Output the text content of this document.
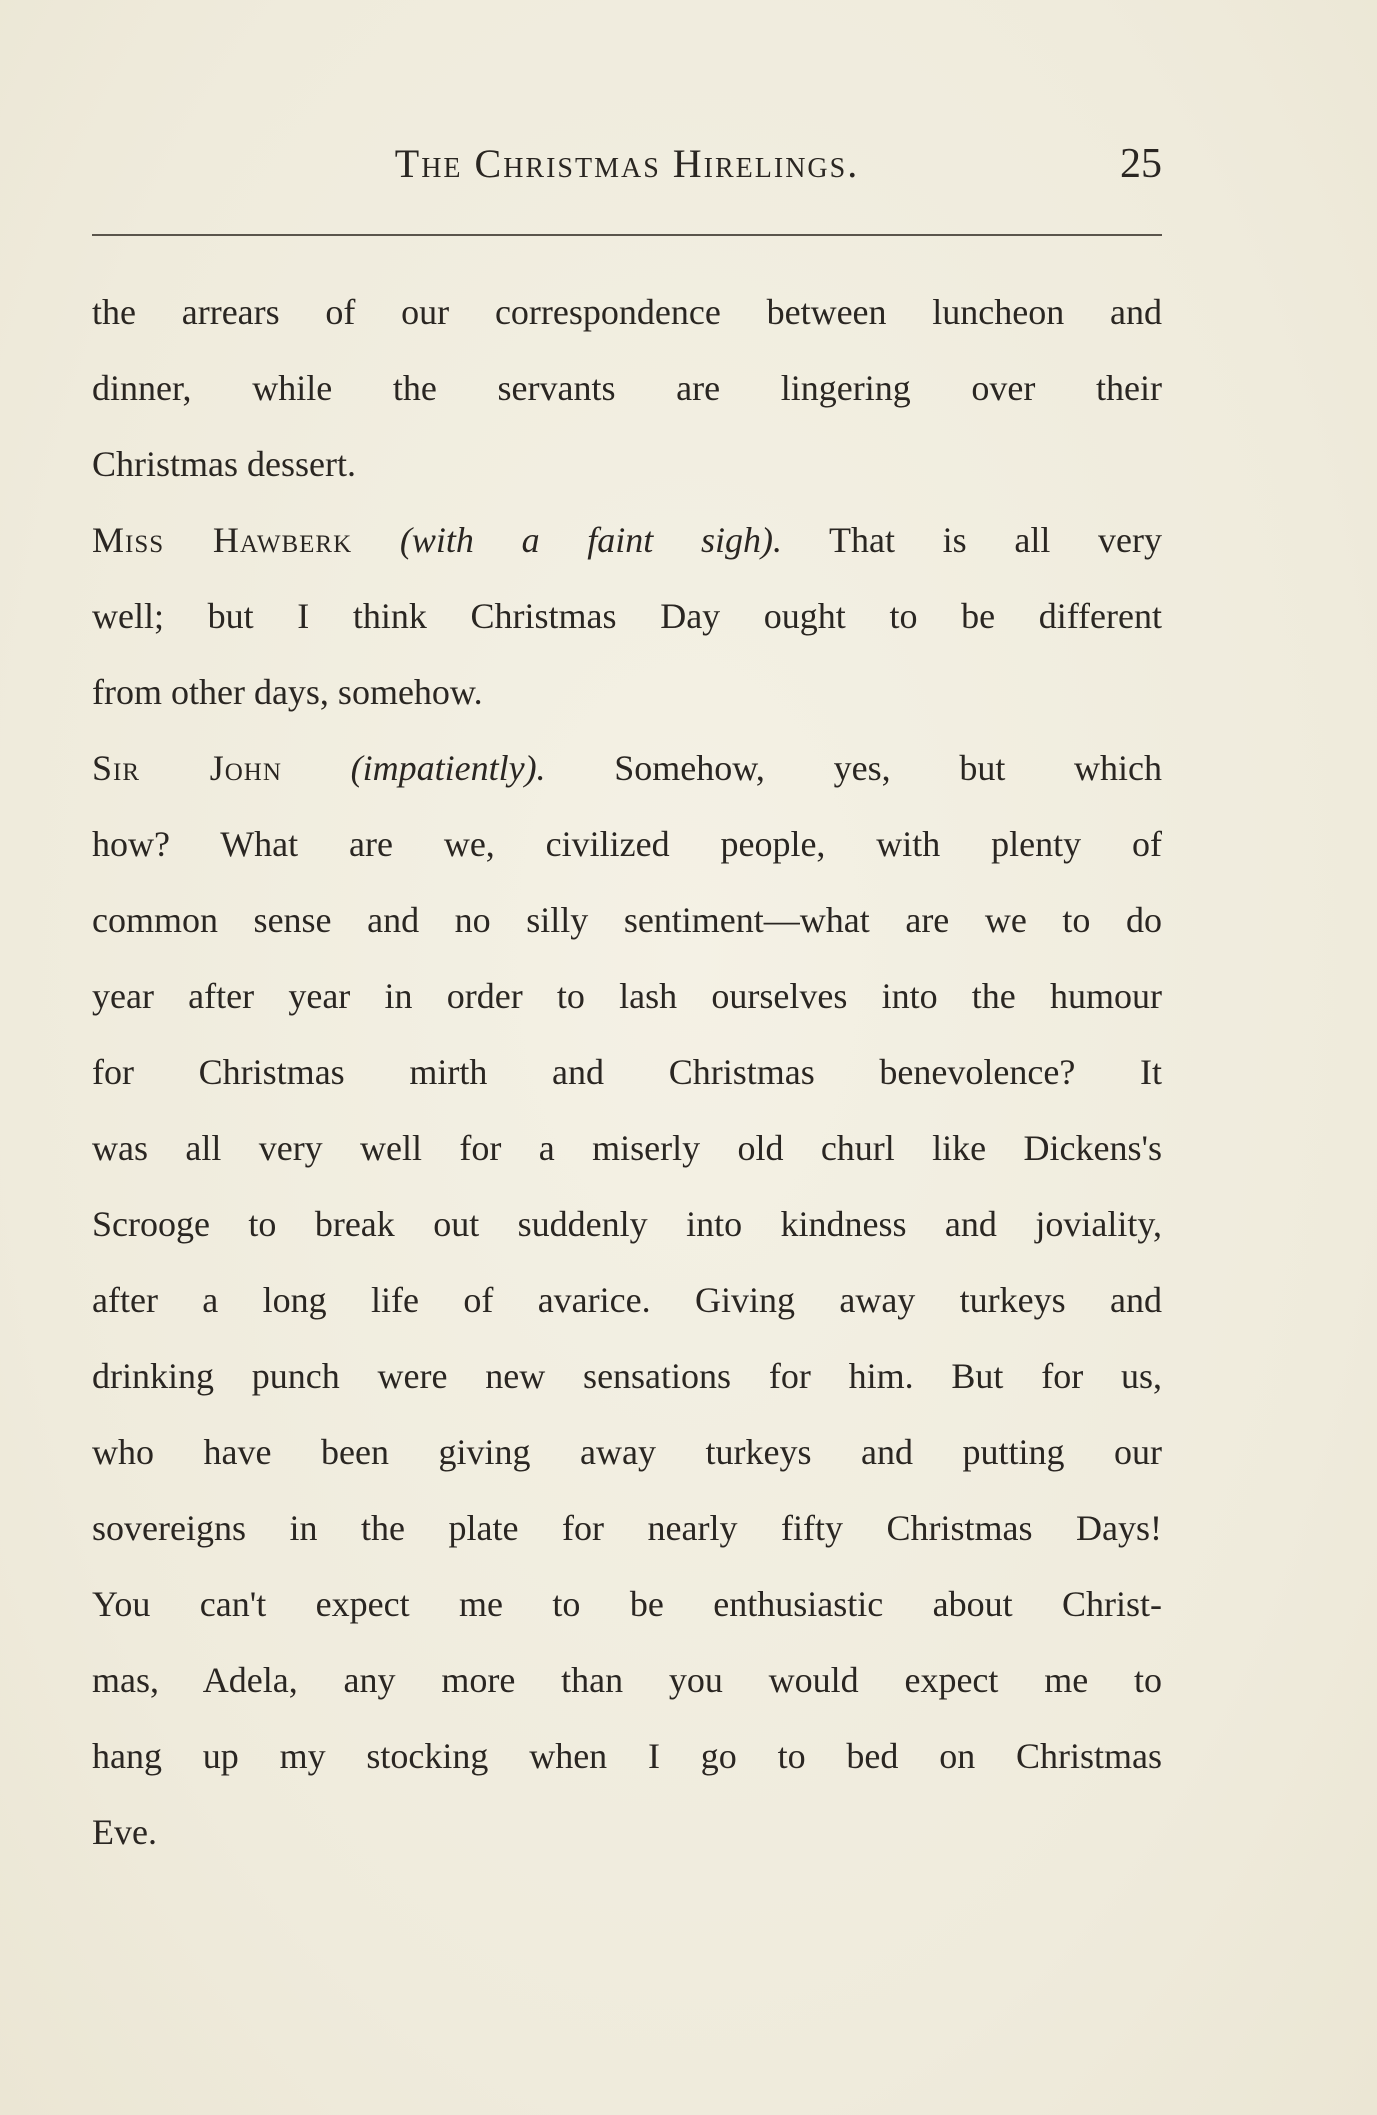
The Christmas Hirelings.	25
the arrears of our correspondence between luncheon and
dinner, while the servants are lingering over their
Christmas dessert.
Miss Hawberk (with a faint sigh). That is all very
well; but I think Christmas Day ought to be different
from other days, somehow.
Sir John (impatiently). Somehow, yes, but which
how? What are we, civilized people, with plenty of
common sense and no silly sentiment—what are we to do
year after year in order to lash ourselves into the humour
for Christmas mirth and Christmas benevolence? It
was all very well for a miserly old churl like Dickens's
Scrooge to break out suddenly into kindness and joviality,
after a long life of avarice. Giving away turkeys and
drinking punch were new sensations for him. But for us,
who have been giving away turkeys and putting our
sovereigns in the plate for nearly fifty Christmas Days!
You can't expect me to be enthusiastic about Christ-
mas, Adela, any more than you would expect me to
hang up my stocking when I go to bed on Christmas
Eve.
